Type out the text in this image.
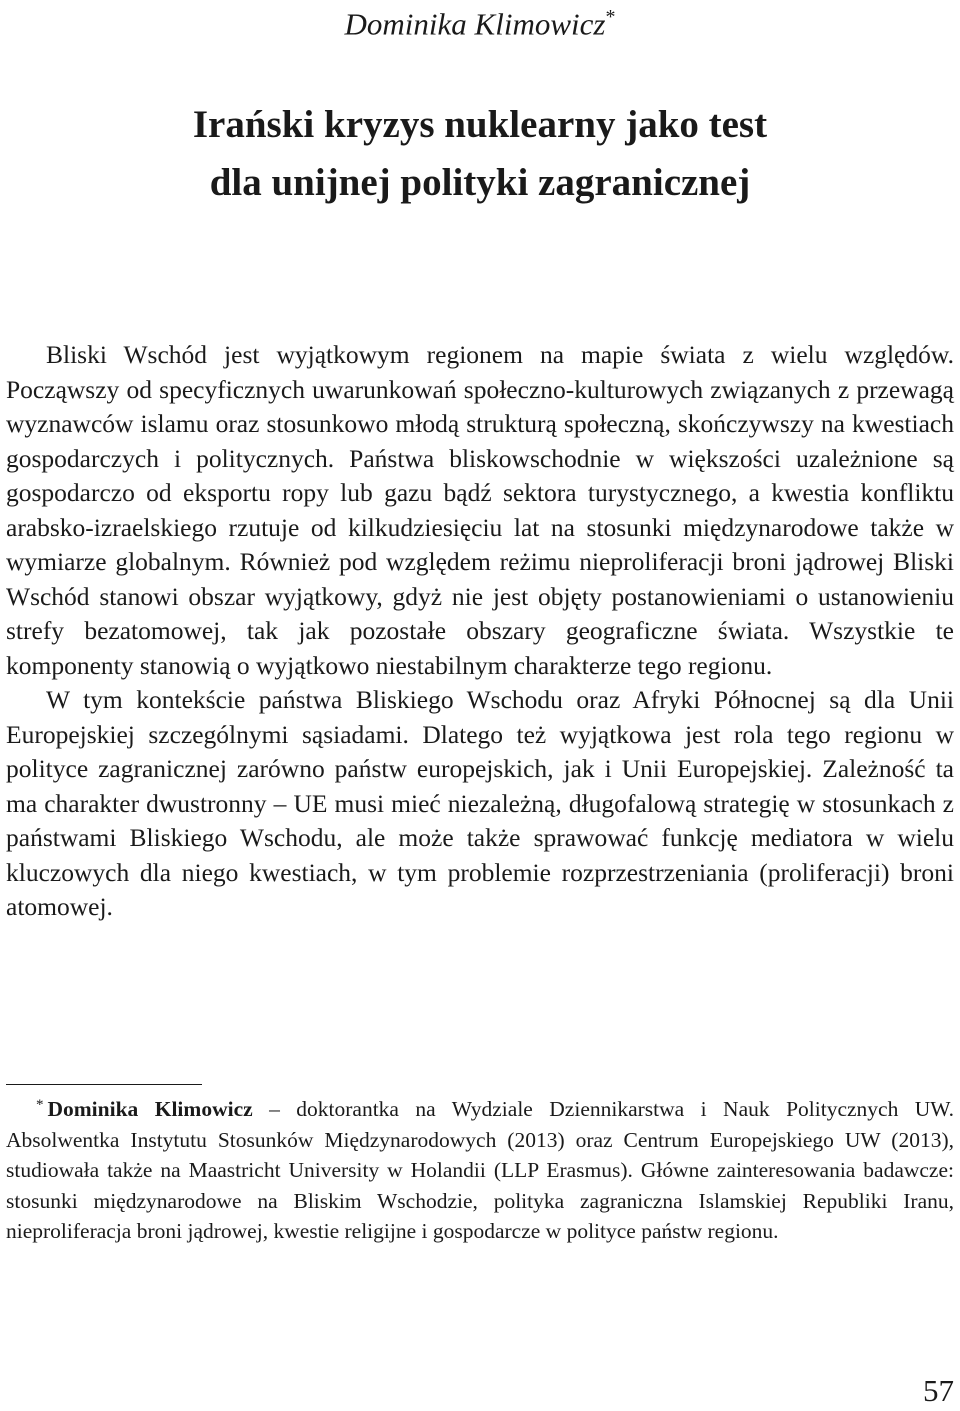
Dominika Klimowicz*
Irański kryzys nuklearny jako test
dla unijnej polityki zagranicznej

Bliski Wschód jest wyjątkowym regionem na mapie świata z wielu względów. Począwszy od specyficznych uwarunkowań społeczno-kulturowych związanych z przewagą wyznawców islamu oraz stosunkowo młodą strukturą społeczną, skończywszy na kwestiach gospodarczych i politycznych. Państwa bliskowschodnie w większości uzależnione są gospodarczo od eksportu ropy lub gazu bądź sektora turystycznego, a kwestia konfliktu arabsko-izraelskiego rzutuje od kilkudziesięciu lat na stosunki międzynarodowe także w wymiarze globalnym. Również pod względem reżimu nieproliferacji broni jądrowej Bliski Wschód stanowi obszar wyjątkowy, gdyż nie jest objęty postanowieniami o ustanowieniu strefy bezatomowej, tak jak pozostałe obszary geograficzne świata. Wszystkie te komponenty stanowią o wyjątkowo niestabilnym charakterze tego regionu.

W tym kontekście państwa Bliskiego Wschodu oraz Afryki Północnej są dla Unii Europejskiej szczególnymi sąsiadami. Dlatego też wyjątkowa jest rola tego regionu w polityce zagranicznej zarówno państw europejskich, jak i Unii Europejskiej. Zależność ta ma charakter dwustronny – UE musi mieć niezależną, długofalową strategię w stosunkach z państwami Bliskiego Wschodu, ale może także sprawować funkcję mediatora w wielu kluczowych dla niego kwestiach, w tym problemie rozprzestrzeniania (proliferacji) broni atomowej.

* Dominika Klimowicz – doktorantka na Wydziale Dziennikarstwa i Nauk Politycznych UW. Absolwentka Instytutu Stosunków Międzynarodowych (2013) oraz Centrum Europejskiego UW (2013), studiowała także na Maastricht University w Holandii (LLP Erasmus). Główne zainteresowania badawcze: stosunki międzynarodowe na Bliskim Wschodzie, polityka zagraniczna Islamskiej Republiki Iranu, nieproliferacja broni jądrowej, kwestie religijne i gospodarcze w polityce państw regionu.

57
